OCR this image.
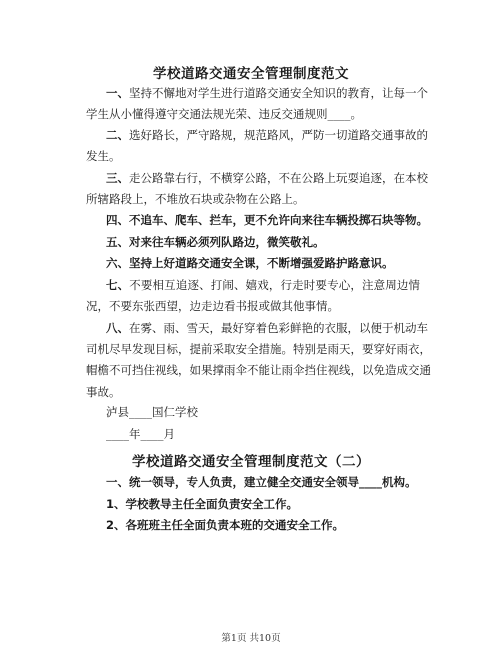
学校道路交通安全管理制度范文
一、坚持不懈地对学生进行道路交通安全知识的教育，让每一个
学生从小懂得遵守交通法规光荣、违反交通规则____。
二、选好路长，严守路规，规范路风，严防一切道路交通事故的
发生。
三、走公路靠右行，不横穿公路，不在公路上玩耍追逐，在本校
所辖路段上，不堆放石块或杂物在公路上。
四、不追车、爬车、拦车，更不允许向来往车辆投掷石块等物。
五、对来往车辆必须列队路边，微笑敬礼。
六、坚持上好道路交通安全课，不断增强爱路护路意识。
七、不要相互追逐、打闹、嬉戏，行走时要专心，注意周边情
况，不要东张西望，边走边看书报或做其他事情。
八、在雾、雨、雪天，最好穿着色彩鲜艳的衣服，以便于机动车
司机尽早发现目标，提前采取安全措施。特别是雨天，要穿好雨衣，
帽檐不可挡住视线，如果撑雨伞不能让雨伞挡住视线，以免造成交通
事故。
泸县____国仁学校
____年____月
学校道路交通安全管理制度范文（二）
一、统一领导，专人负责，建立健全交通安全领导____机构。
1、学校教导主任全面负责安全工作。
2、各班班主任全面负责本班的交通安全工作。
第1页 共10页
